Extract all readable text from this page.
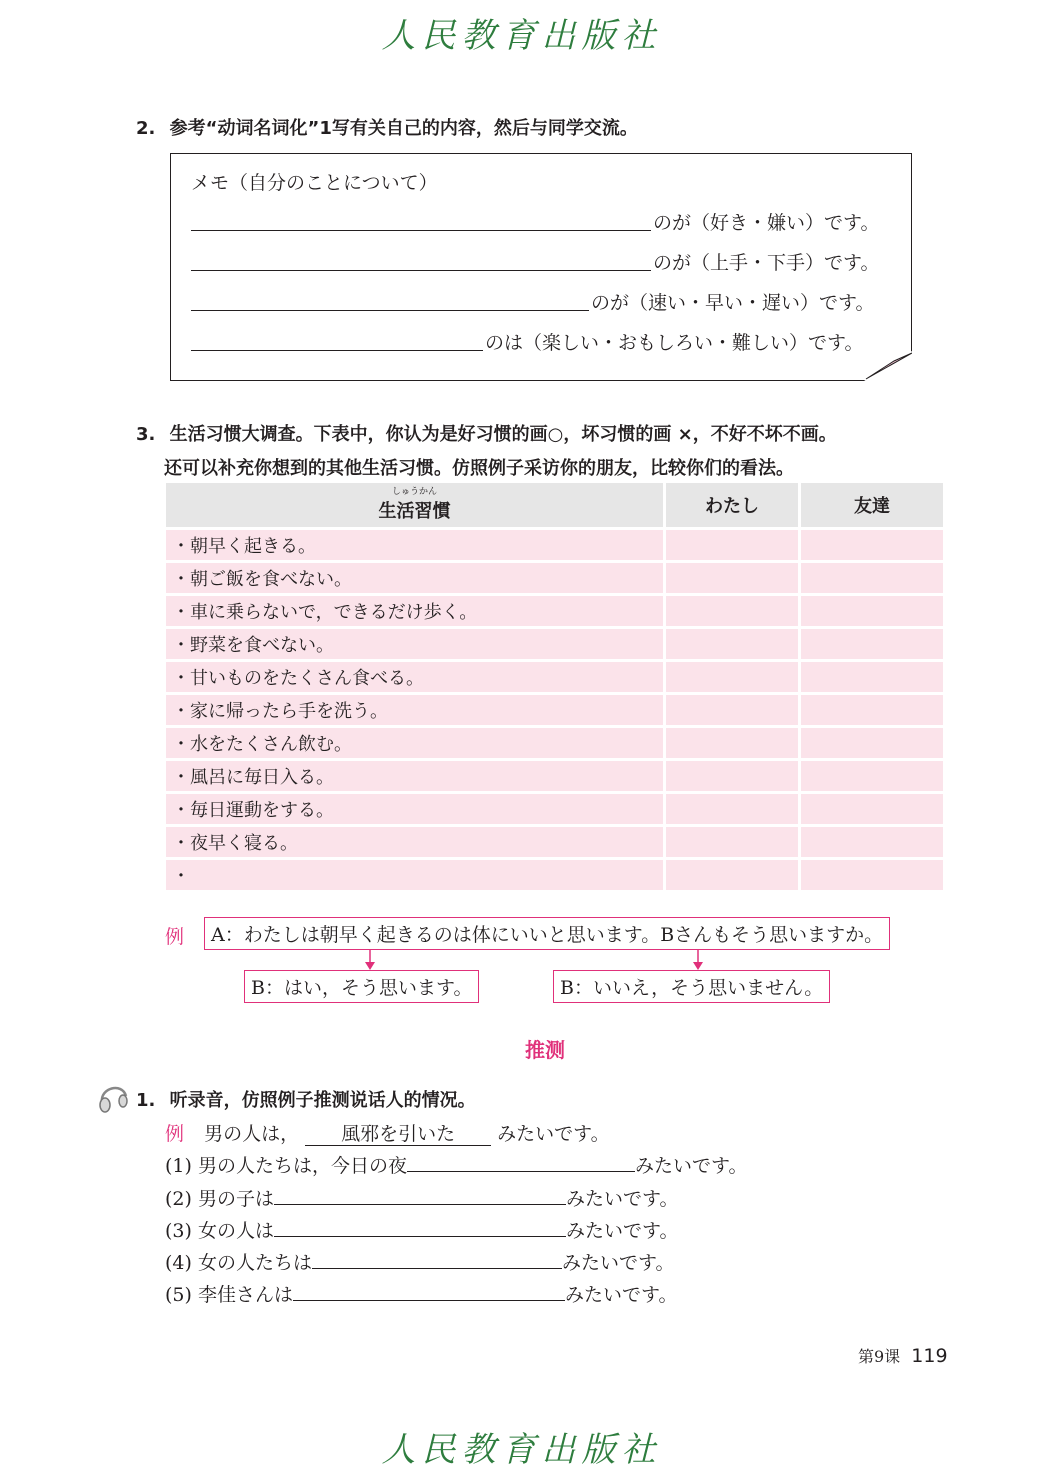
人民教育出版社
2. 参考“动词名词化”1写有关自己的内容，然后与同学交流。
メモ（自分のことについて）
のが（好き・嫌い）です。
のが（上手・下手）です。
のが（速い・早い・遅い）です。
のは（楽しい・おもしろい・難しい）です。
3. 生活习惯大调查。下表中，你认为是好习惯的画○，坏习惯的画 ×，不好不坏不画。
还可以补充你想到的其他生活习惯。仿照例子采访你的朋友，比较你们的看法。
しゅうかん
生活習慣	わたし	友達
・朝早く起きる。		
・朝ご飯を食べない。		
・車に乗らないで，できるだけ歩く。		
・野菜を食べない。		
・甘いものをたくさん食べる。		
・家に帰ったら手を洗う。		
・水をたくさん飲む。		
・風呂に毎日入る。		
・毎日運動をする。		
・夜早く寝る。		
・		
例	A：わたしは朝早く起きるのは体にいいと思います。Bさんもそう思いますか。
B：はい，そう思います。	B：いいえ，そう思いません。
推测
1. 听录音，仿照例子推测说话人的情况。
例 男の人は， 風邪を引いた みたいです。
(1) 男の人たちは，今日の夜	みたいです。
(2) 男の子は	みたいです。
(3) 女の人は	みたいです。
(4) 女の人たちは	みたいです。
(5) 李佳さんは	みたいです。
第9课 119
人民教育出版社
